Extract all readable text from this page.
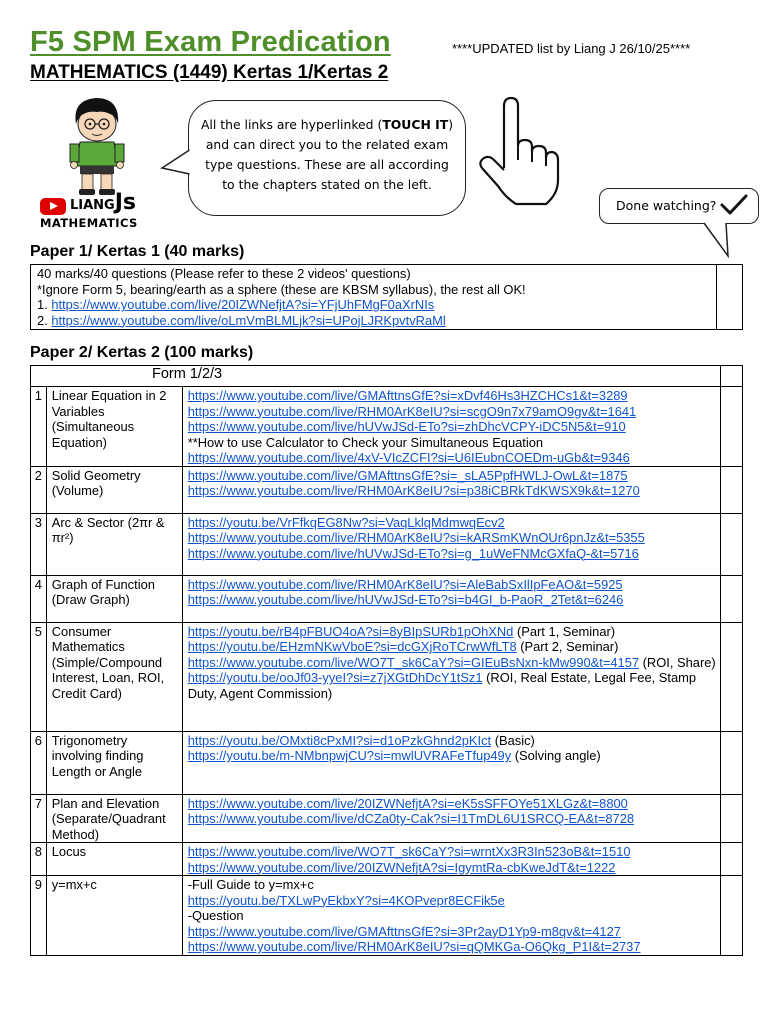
F5 SPM Exam Predication	****UPDATED list by Liang J 26/10/25****
MATHEMATICS (1449) Kertas 1/Kertas 2
LIANGJs
MATHEMATICS
All the links are hyperlinked (TOUCH IT)
and can direct you to the related exam
type questions. These are all according
to the chapters stated on the left.
Done watching?
Paper 1/ Kertas 1 (40 marks)
40 marks/40 questions (Please refer to these 2 videos' questions)
*Ignore Form 5, bearing/earth as a sphere (these are KBSM syllabus), the rest all OK!
1. https://www.youtube.com/live/20IZWNefjtA?si=YFjUhFMgF0aXrNIs
2. https://www.youtube.com/live/oLmVmBLMLjk?si=UPojLJRKpvtvRaMl

Paper 2/ Kertas 2 (100 marks)
Form 1/2/3			
1	Linear Equation in 2 Variables (Simultaneous Equation)	https://www.youtube.com/live/GMAfttnsGfE?si=xDvf46Hs3HZCHCs1&t=3289
https://www.youtube.com/live/RHM0ArK8eIU?si=scgO9n7x79amO9gv&t=1641
https://www.youtube.com/live/hUVwJSd-ETo?si=zhDhcVCPY-iDC5N5&t=910
**How to use Calculator to Check your Simultaneous Equation
https://www.youtube.com/live/4xV-VIcZCFI?si=U6IEubnCOEDm-uGb&t=9346	

2	Solid Geometry (Volume)	https://www.youtube.com/live/GMAfttnsGfE?si=_sLA5PpfHWLJ-OwL&t=1875
https://www.youtube.com/live/RHM0ArK8eIU?si=p38iCBRkTdKWSX9k&t=1270	

3	Arc & Sector (2πr & πr²)	https://youtu.be/VrFfkqEG8Nw?si=VaqLklqMdmwqEcv2
https://www.youtube.com/live/RHM0ArK8eIU?si=kARSmKWnOUr6pnJz&t=5355
https://www.youtube.com/live/hUVwJSd-ETo?si=g_1uWeFNMcGXfaQ-&t=5716	

4	Graph of Function (Draw Graph)	https://www.youtube.com/live/RHM0ArK8eIU?si=AleBabSxIlIpFeAO&t=5925
https://www.youtube.com/live/hUVwJSd-ETo?si=b4GI_b-PaoR_2Tet&t=6246	

5	Consumer Mathematics (Simple/Compound Interest, Loan, ROI, Credit Card)	https://youtu.be/rB4pFBUO4oA?si=8yBIpSURb1pOhXNd (Part 1, Seminar)
https://youtu.be/EHzmNKwVboE?si=dcGXjRoTCrwWfLT8 (Part 2, Seminar)
https://www.youtube.com/live/WO7T_sk6CaY?si=GIEuBsNxn-kMw990&t=4157 (ROI, Share)
https://youtu.be/ooJf03-yyeI?si=z7jXGtDhDcY1tSz1 (ROI, Real Estate, Legal Fee, Stamp Duty, Agent Commission)	

6	Trigonometry involving finding Length or Angle	https://youtu.be/OMxti8cPxMI?si=d1oPzkGhnd2pKIct (Basic)
https://youtu.be/m-NMbnpwjCU?si=mwlUVRAFeTfup49y (Solving angle)	

7	Plan and Elevation (Separate/Quadrant Method)	https://www.youtube.com/live/20IZWNefjtA?si=eK5sSFFOYe51XLGz&t=8800
https://www.youtube.com/live/dCZa0ty-Cak?si=I1TmDL6U1SRCQ-EA&t=8728	

8	Locus	https://www.youtube.com/live/WO7T_sk6CaY?si=wrntXx3R3In523oB&t=1510
https://www.youtube.com/live/20IZWNefjtA?si=IgymtRa-cbKweJdT&t=1222	

9	y=mx+c	-Full Guide to y=mx+c
https://youtu.be/TXLwPyEkbxY?si=4KOPvepr8ECFik5e
-Question
https://www.youtube.com/live/GMAfttnsGfE?si=3Pr2ayD1Yp9-m8qv&t=4127
https://www.youtube.com/live/RHM0ArK8eIU?si=qQMKGa-O6Qkg_P1I&t=2737	
